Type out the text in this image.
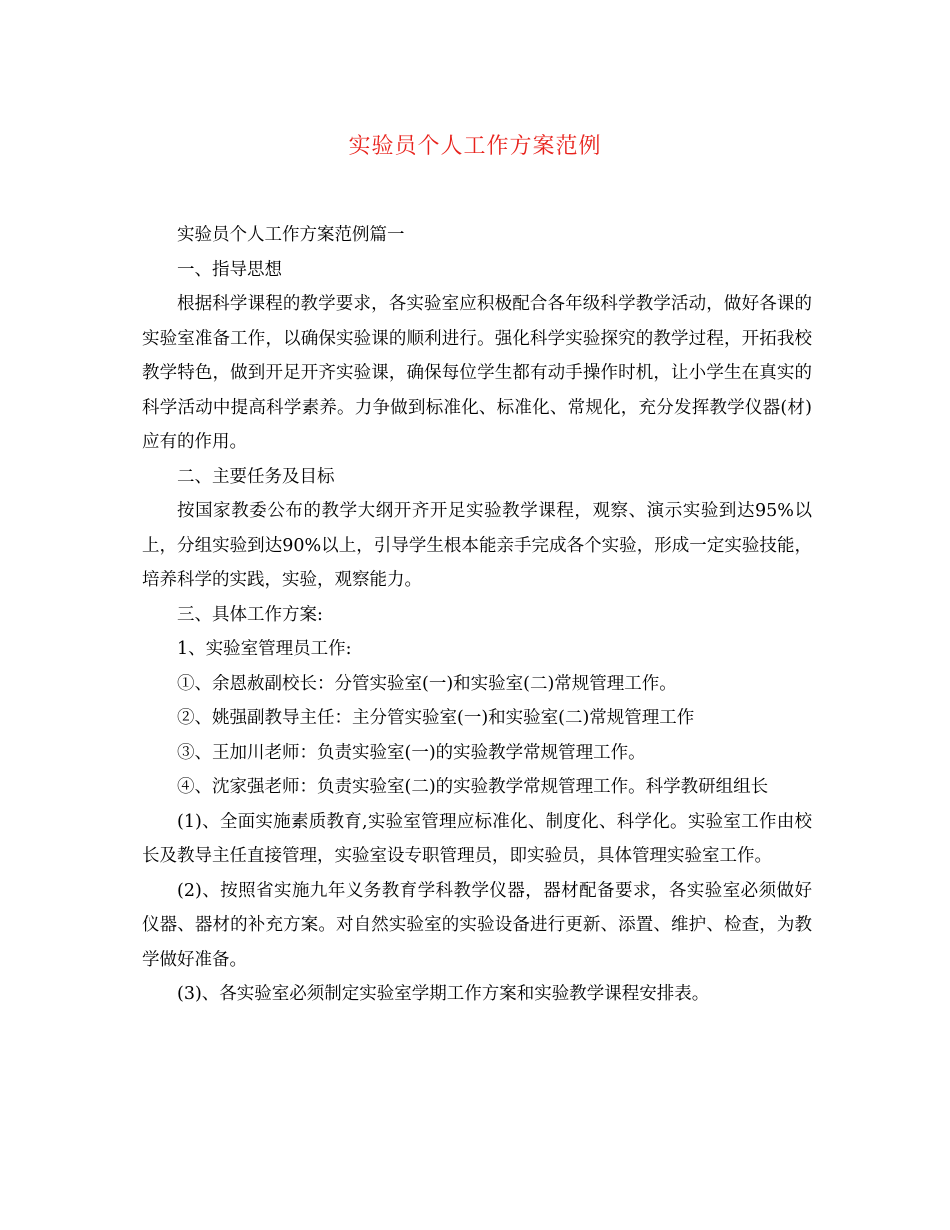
实验员个人工作方案范例

实验员个人工作方案范例篇一

一、指导思想

根据科学课程的教学要求，各实验室应积极配合各年级科学教学活动，做好各课的实验室准备工作，以确保实验课的顺利进行。强化科学实验探究的教学过程，开拓我校教学特色，做到开足开齐实验课，确保每位学生都有动手操作时机，让小学生在真实的科学活动中提高科学素养。力争做到标准化、标准化、常规化，充分发挥教学仪器(材)应有的作用。

二、主要任务及目标

按国家教委公布的教学大纲开齐开足实验教学课程，观察、演示实验到达95%以上，分组实验到达90%以上，引导学生根本能亲手完成各个实验，形成一定实验技能，培养科学的实践，实验，观察能力。

三、具体工作方案:

1、实验室管理员工作:

①、余恩赦副校长：分管实验室(一)和实验室(二)常规管理工作。

②、姚强副教导主任：主分管实验室(一)和实验室(二)常规管理工作

③、王加川老师：负责实验室(一)的实验教学常规管理工作。

④、沈家强老师：负责实验室(二)的实验教学常规管理工作。科学教研组组长

(1)、全面实施素质教育,实验室管理应标准化、制度化、科学化。实验室工作由校长及教导主任直接管理，实验室设专职管理员，即实验员，具体管理实验室工作。

(2)、按照省实施九年义务教育学科教学仪器，器材配备要求，各实验室必须做好仪器、器材的补充方案。对自然实验室的实验设备进行更新、添置、维护、检查，为教学做好准备。

(3)、各实验室必须制定实验室学期工作方案和实验教学课程安排表。
